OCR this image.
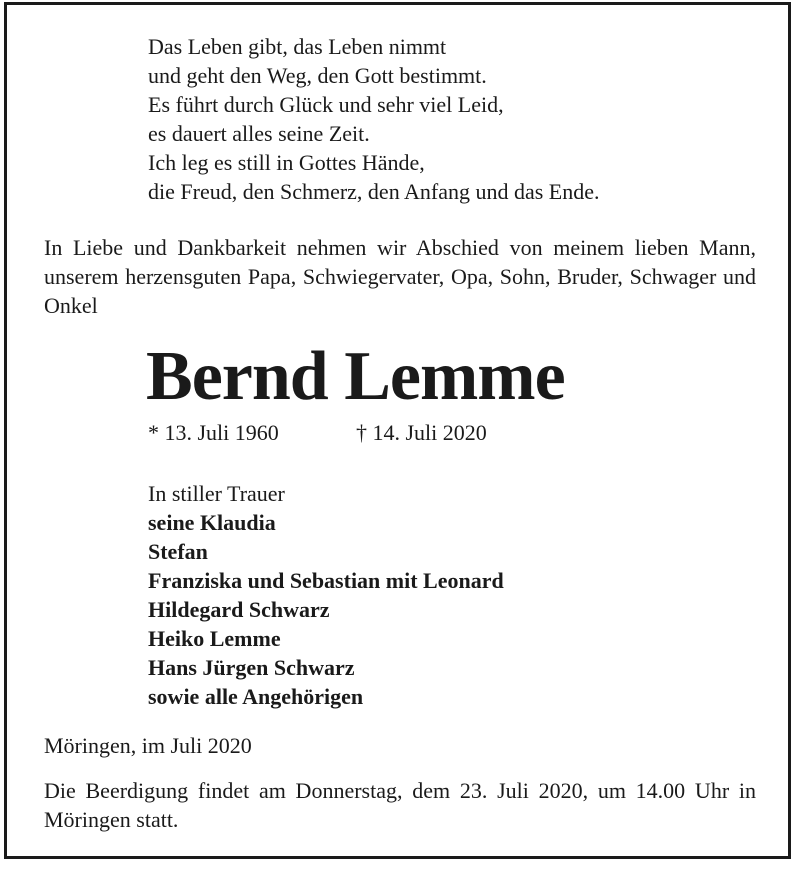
Das Leben gibt, das Leben nimmt
und geht den Weg, den Gott bestimmt.
Es führt durch Glück und sehr viel Leid,
es dauert alles seine Zeit.
Ich leg es still in Gottes Hände,
die Freud, den Schmerz, den Anfang und das Ende.
In Liebe und Dankbarkeit nehmen wir Abschied von meinem lieben Mann, unserem herzensguten Papa, Schwiegervater, Opa, Sohn, Bruder, Schwager und Onkel
Bernd Lemme
* 13. Juli 1960	† 14. Juli 2020
In stiller Trauer
seine Klaudia
Stefan
Franziska und Sebastian mit Leonard
Hildegard Schwarz
Heiko Lemme
Hans Jürgen Schwarz
sowie alle Angehörigen
Möringen, im Juli 2020
Die Beerdigung findet am Donnerstag, dem 23. Juli 2020, um 14.00 Uhr in Möringen statt.
